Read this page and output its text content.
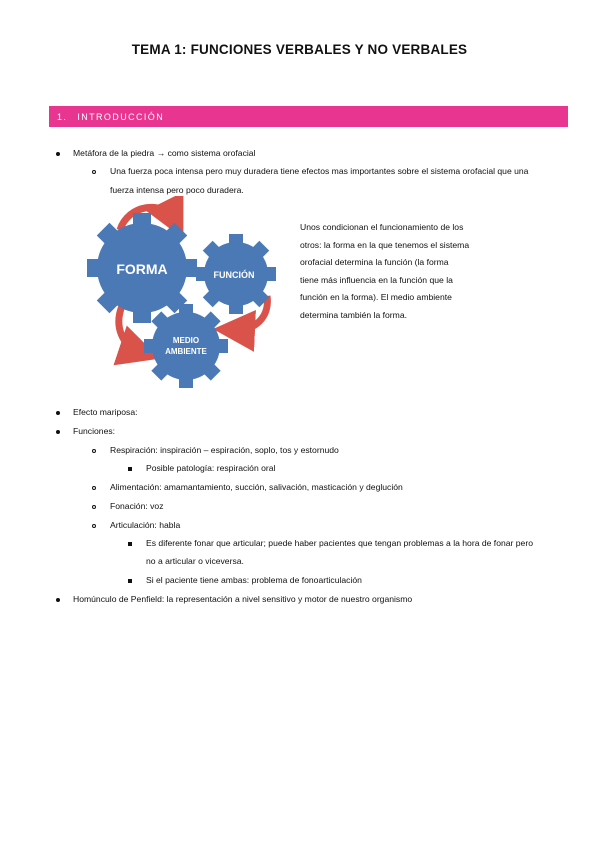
TEMA 1: FUNCIONES VERBALES Y NO VERBALES
1. INTRODUCCIÓN
Metáfora de la piedra → como sistema orofacial
Una fuerza poca intensa pero muy duradera tiene efectos mas importantes sobre el sistema orofacial que una
fuerza intensa pero poco duradera.
FORMA	FUNCIÓN
MEDIO
AMBIENTE
Unos condicionan el funcionamiento de los
otros: la forma en la que tenemos el sistema
orofacial determina la función (la forma
tiene más influencia en la función que la
función en la forma). El medio ambiente
determina también la forma.
Efecto mariposa:
Funciones:
Respiración: inspiración – espiración, soplo, tos y estornudo
Posible patología: respiración oral
Alimentación: amamantamiento, succión, salivación, masticación y deglución
Fonación: voz
Articulación: habla
Es diferente fonar que articular; puede haber pacientes que tengan problemas a la hora de fonar pero
no a articular o viceversa.
Si el paciente tiene ambas: problema de fonoarticulación
Homúnculo de Penfield: la representación a nivel sensitivo y motor de nuestro organismo
